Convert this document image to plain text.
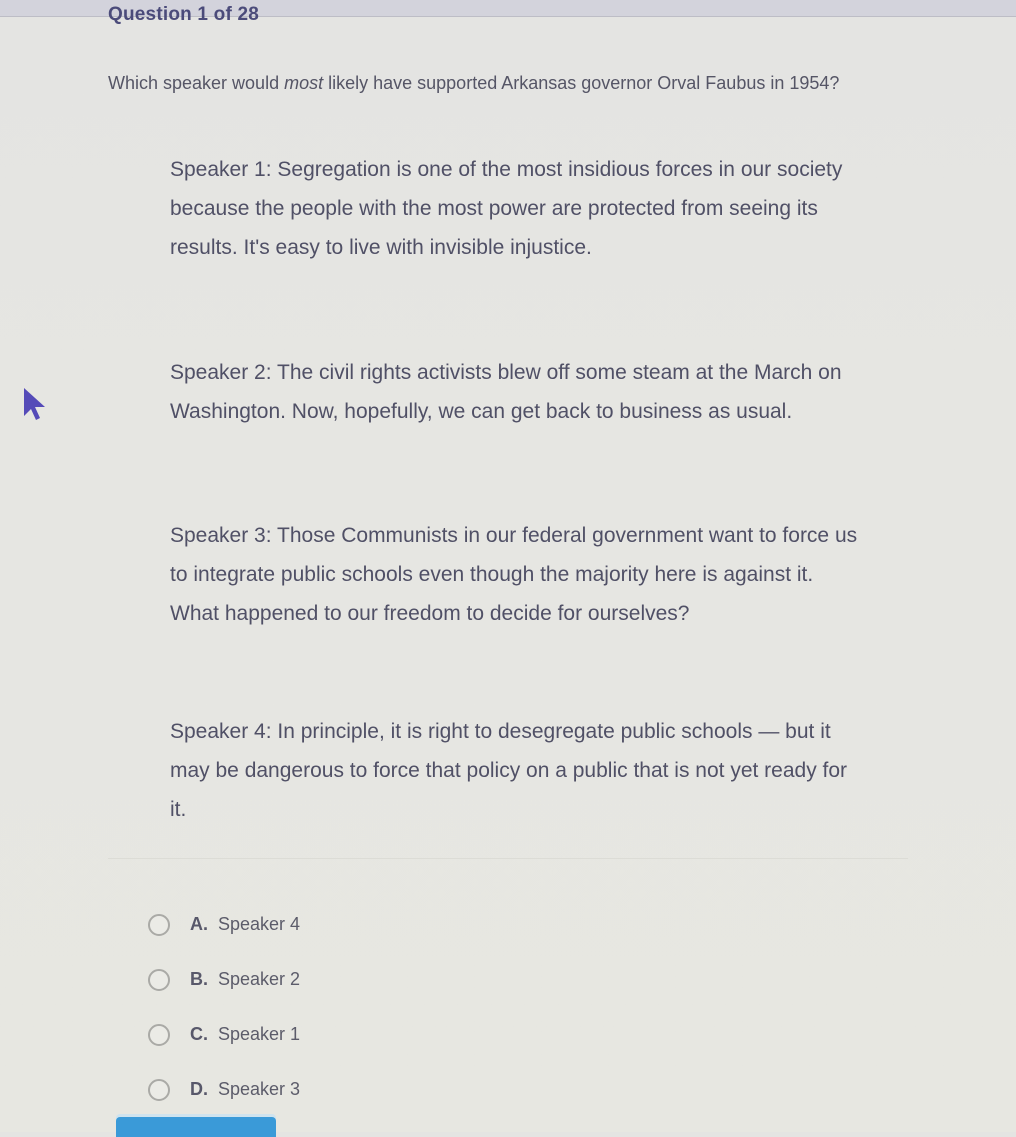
Question 1 of 28
Which speaker would most likely have supported Arkansas governor Orval Faubus in 1954?
Speaker 1: Segregation is one of the most insidious forces in our society because the people with the most power are protected from seeing its results. It's easy to live with invisible injustice.
Speaker 2: The civil rights activists blew off some steam at the March on Washington. Now, hopefully, we can get back to business as usual.
Speaker 3: Those Communists in our federal government want to force us to integrate public schools even though the majority here is against it. What happened to our freedom to decide for ourselves?
Speaker 4: In principle, it is right to desegregate public schools — but it may be dangerous to force that policy on a public that is not yet ready for it.
A. Speaker 4
B. Speaker 2
C. Speaker 1
D. Speaker 3
